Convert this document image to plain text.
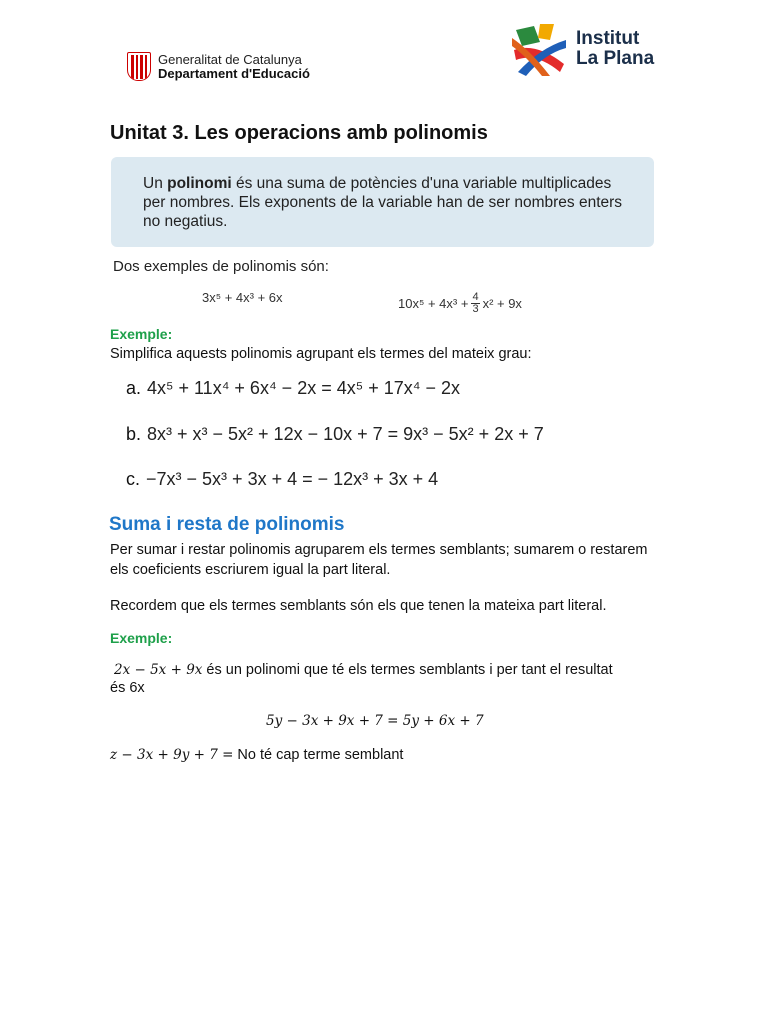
Generalitat de Catalunya
Departament d'Educació
Institut
La Plana
Unitat 3. Les operacions amb polinomis

Un polinomi és una suma de potències d'una variable multiplicades per nombres. Els exponents de la variable han de ser nombres enters no negatius.

Dos exemples de polinomis són:
3x⁵ + 4x³ + 6x	$10x^5 + 4x^3 + \frac{4}{3} x^2 + 9x$
Exemple:
Simplifica aquests polinomis agrupant els termes del mateix grau:
a. 4x⁵ + 11x⁴ + 6x⁴ − 2x = 4x⁵ + 17x⁴ − 2x
b. 8x³ + x³ − 5x² + 12x − 10x + 7 = 9x³ − 5x² + 2x + 7
c. −7x³ − 5x³ + 3x + 4 = − 12x³ + 3x + 4
Suma i resta de polinomis
Per sumar i restar polinomis agruparem els termes semblants; sumarem o restarem els coeficients escriurem igual la part literal.
Recordem que els termes semblants són els que tenen la mateixa part literal.
Exemple:
2x − 5x + 9x és un polinomi que té els termes semblants i per tant el resultat
és 6x
5y − 3x + 9x + 7 = 5y + 6x + 7
z − 3x + 9y + 7 = No té cap terme semblant
